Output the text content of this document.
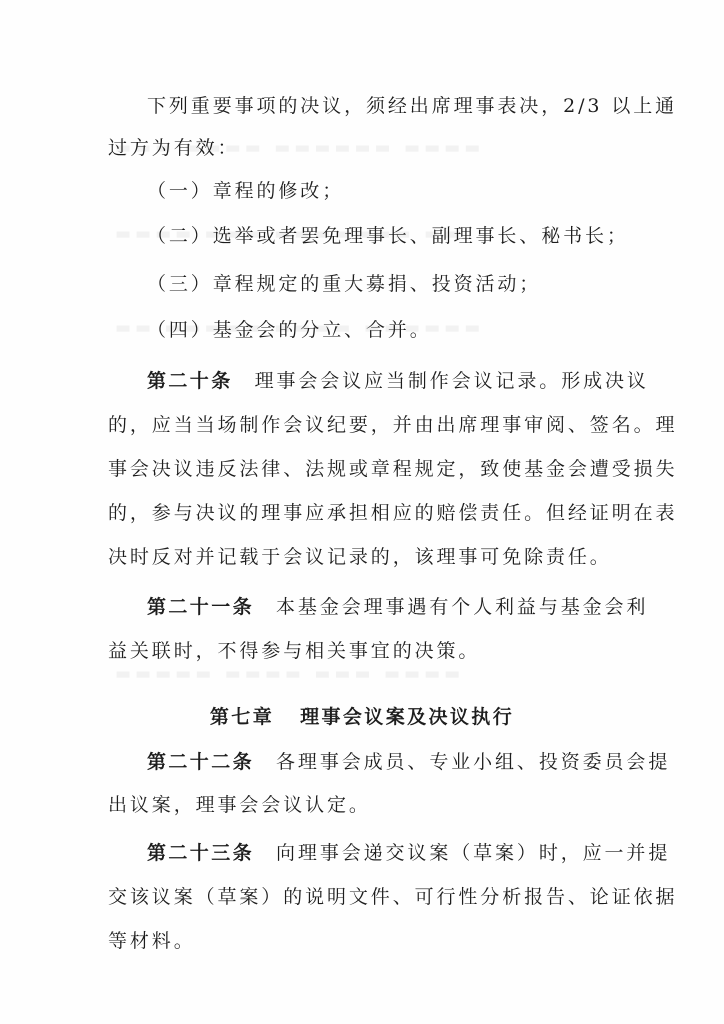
下列重要事项的决议，须经出席理事表决，2/3 以上通
过方为有效：
（一）章程的修改；
（二）选举或者罢免理事长、副理事长、秘书长；
（三）章程规定的重大募捐、投资活动；
（四）基金会的分立、合并。
第二十条 理事会会议应当制作会议记录。形成决议
的，应当当场制作会议纪要，并由出席理事审阅、签名。理
事会决议违反法律、法规或章程规定，致使基金会遭受损失
的，参与决议的理事应承担相应的赔偿责任。但经证明在表
决时反对并记载于会议记录的，该理事可免除责任。
第二十一条 本基金会理事遇有个人利益与基金会利
益关联时，不得参与相关事宜的决策。
第七章 理事会议案及决议执行
第二十二条 各理事会成员、专业小组、投资委员会提
出议案，理事会会议认定。
第二十三条 向理事会递交议案（草案）时，应一并提
交该议案（草案）的说明文件、可行性分析报告、论证依据
等材料。
